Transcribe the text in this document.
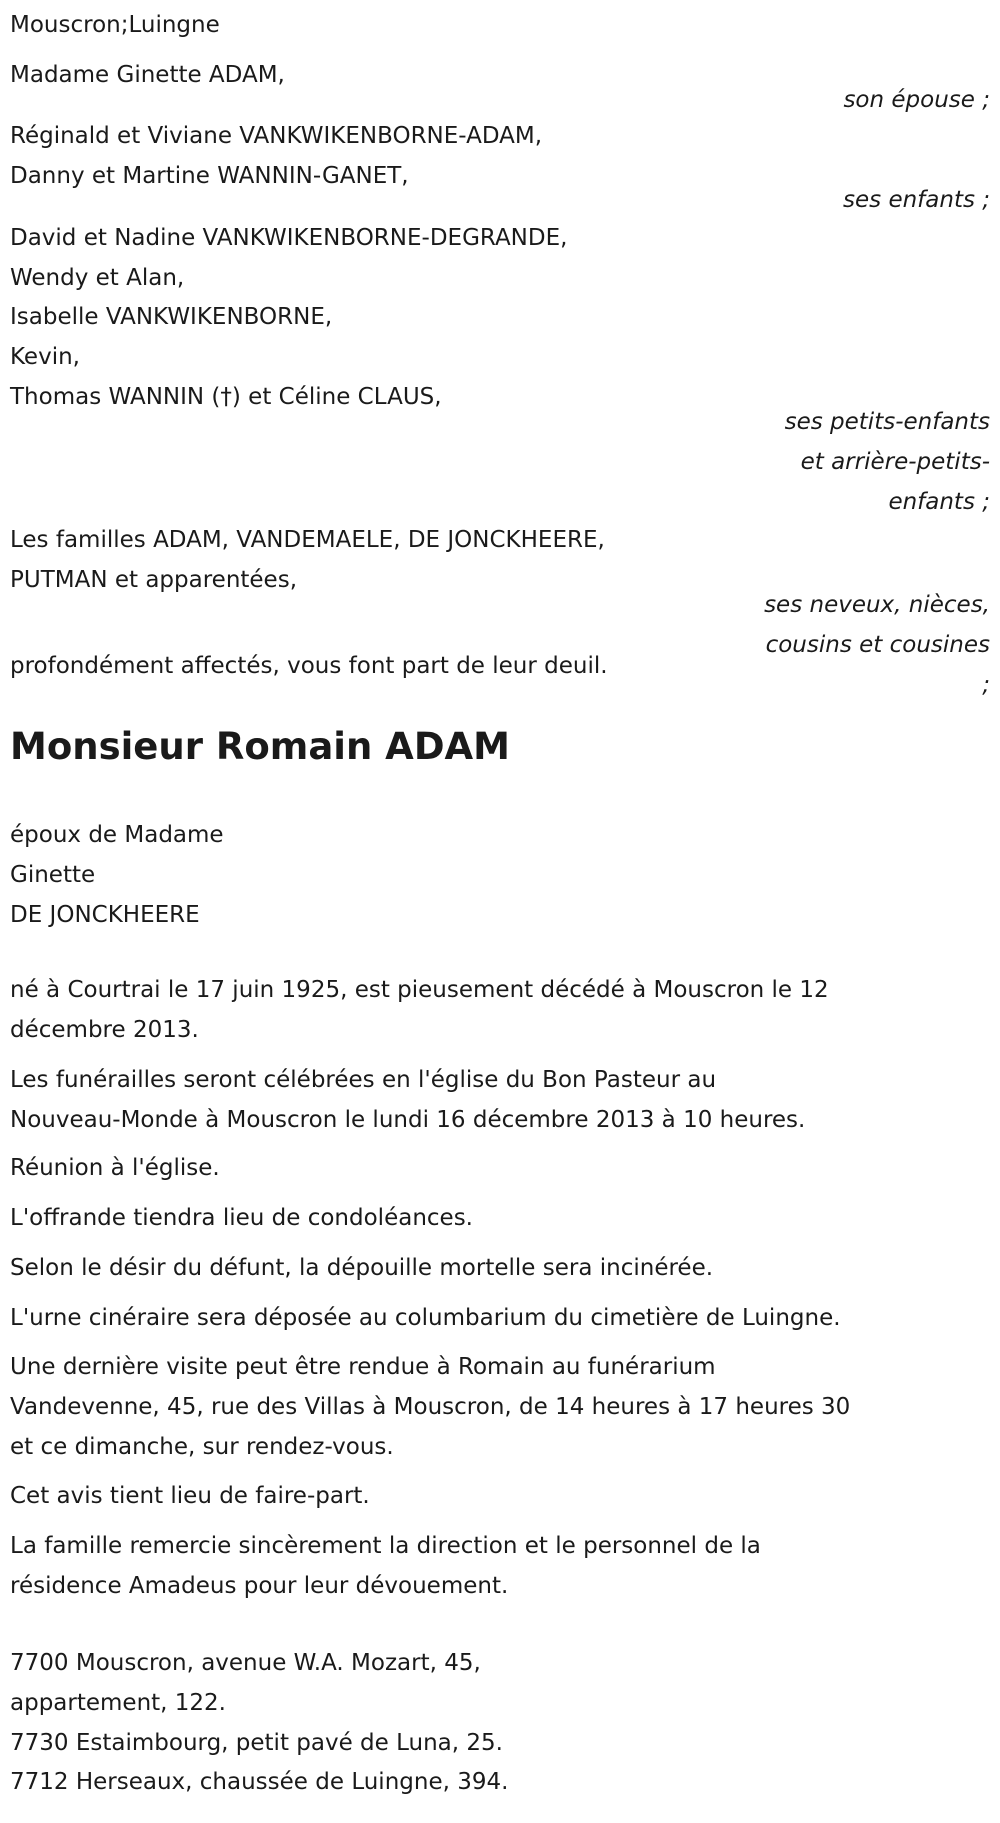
Mouscron;Luingne
Madame Ginette ADAM,
son épouse ;
Réginald et Viviane VANKWIKENBORNE-ADAM,
Danny et Martine WANNIN-GANET,
ses enfants ;
David et Nadine VANKWIKENBORNE-DEGRANDE,
Wendy et Alan,
Isabelle VANKWIKENBORNE,
Kevin,
Thomas WANNIN (†) et Céline CLAUS,
ses petits-enfants
et arrière-petits-
enfants ;
Les familles ADAM, VANDEMAELE, DE JONCKHEERE,
PUTMAN et apparentées,
ses neveux, nièces,
cousins et cousines
;
profondément affectés, vous font part de leur deuil.
Monsieur Romain ADAM
époux de Madame
Ginette
DE JONCKHEERE
né à Courtrai le 17 juin 1925, est pieusement décédé à Mouscron le 12
décembre 2013.
Les funérailles seront célébrées en l'église du Bon Pasteur au
Nouveau-Monde à Mouscron le lundi 16 décembre 2013 à 10 heures.
Réunion à l'église.
L'offrande tiendra lieu de condoléances.
Selon le désir du défunt, la dépouille mortelle sera incinérée.
L'urne cinéraire sera déposée au columbarium du cimetière de Luingne.
Une dernière visite peut être rendue à Romain au funérarium
Vandevenne, 45, rue des Villas à Mouscron, de 14 heures à 17 heures 30
et ce dimanche, sur rendez-vous.
Cet avis tient lieu de faire-part.
La famille remercie sincèrement la direction et le personnel de la
résidence Amadeus pour leur dévouement.
7700 Mouscron, avenue W.A. Mozart, 45,
appartement, 122.
7730 Estaimbourg, petit pavé de Luna, 25.
7712 Herseaux, chaussée de Luingne, 394.
